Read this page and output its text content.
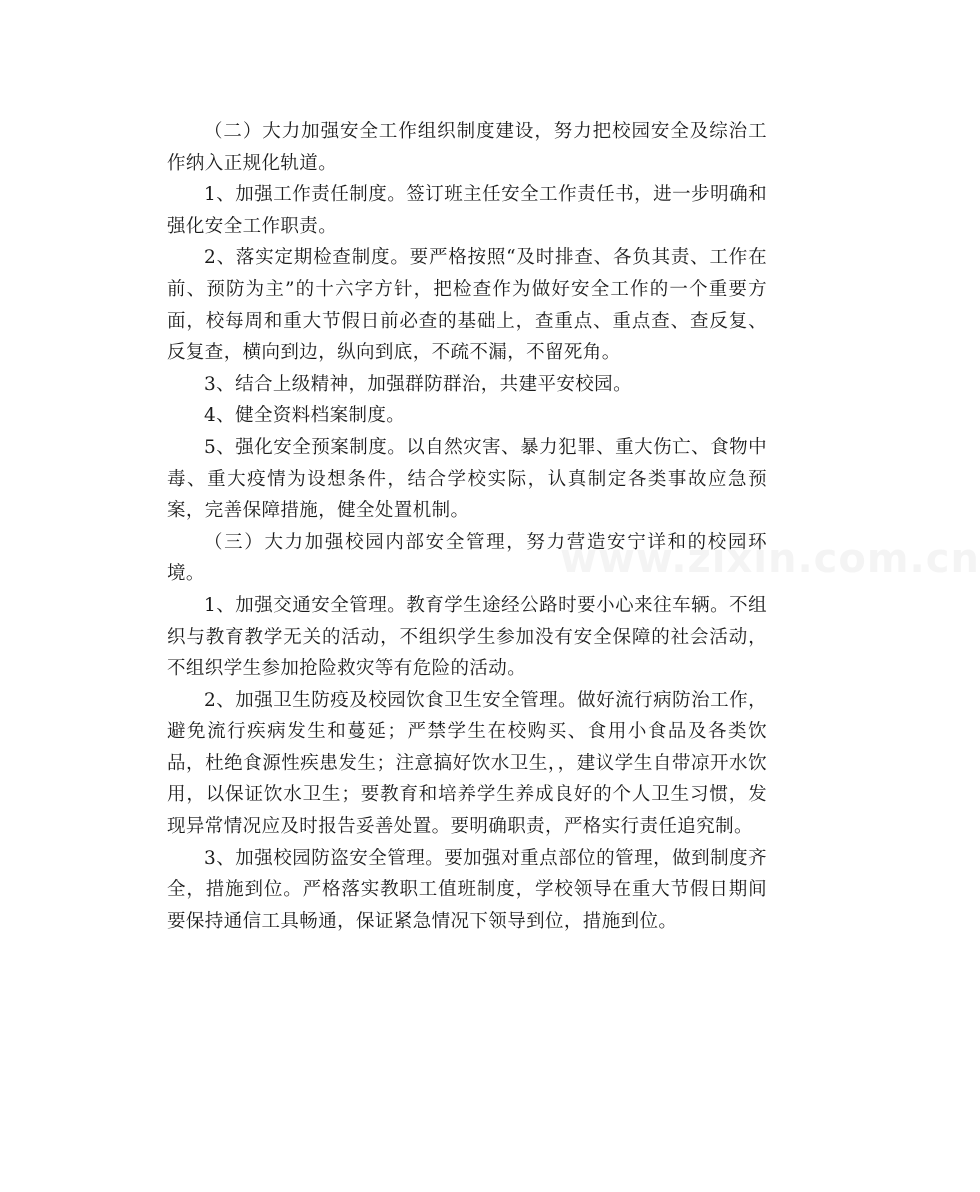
（二）大力加强安全工作组织制度建设，努力把校园安全及综治工作纳入正规化轨道。

1、加强工作责任制度。签订班主任安全工作责任书，进一步明确和强化安全工作职责。

2、落实定期检查制度。要严格按照“及时排查、各负其责、工作在前、预防为主”的十六字方针，把检查作为做好安全工作的一个重要方面，校每周和重大节假日前必查的基础上，查重点、重点查、查反复、反复查，横向到边，纵向到底，不疏不漏，不留死角。

3、结合上级精神，加强群防群治，共建平安校园。

4、健全资料档案制度。

5、强化安全预案制度。以自然灾害、暴力犯罪、重大伤亡、食物中毒、重大疫情为设想条件，结合学校实际，认真制定各类事故应急预案，完善保障措施，健全处置机制。

（三）大力加强校园内部安全管理，努力营造安宁详和的校园环境。

1、加强交通安全管理。教育学生途经公路时要小心来往车辆。不组织与教育教学无关的活动，不组织学生参加没有安全保障的社会活动，不组织学生参加抢险救灾等有危险的活动。

2、加强卫生防疫及校园饮食卫生安全管理。做好流行病防治工作，避免流行疾病发生和蔓延；严禁学生在校购买、食用小食品及各类饮品，杜绝食源性疾患发生；注意搞好饮水卫生，，建议学生自带凉开水饮用，以保证饮水卫生；要教育和培养学生养成良好的个人卫生习惯，发现异常情况应及时报告妥善处置。要明确职责，严格实行责任追究制。

3、加强校园防盗安全管理。要加强对重点部位的管理，做到制度齐全，措施到位。严格落实教职工值班制度，学校领导在重大节假日期间要保持通信工具畅通，保证紧急情况下领导到位，措施到位。

www.zixin.com.cn
